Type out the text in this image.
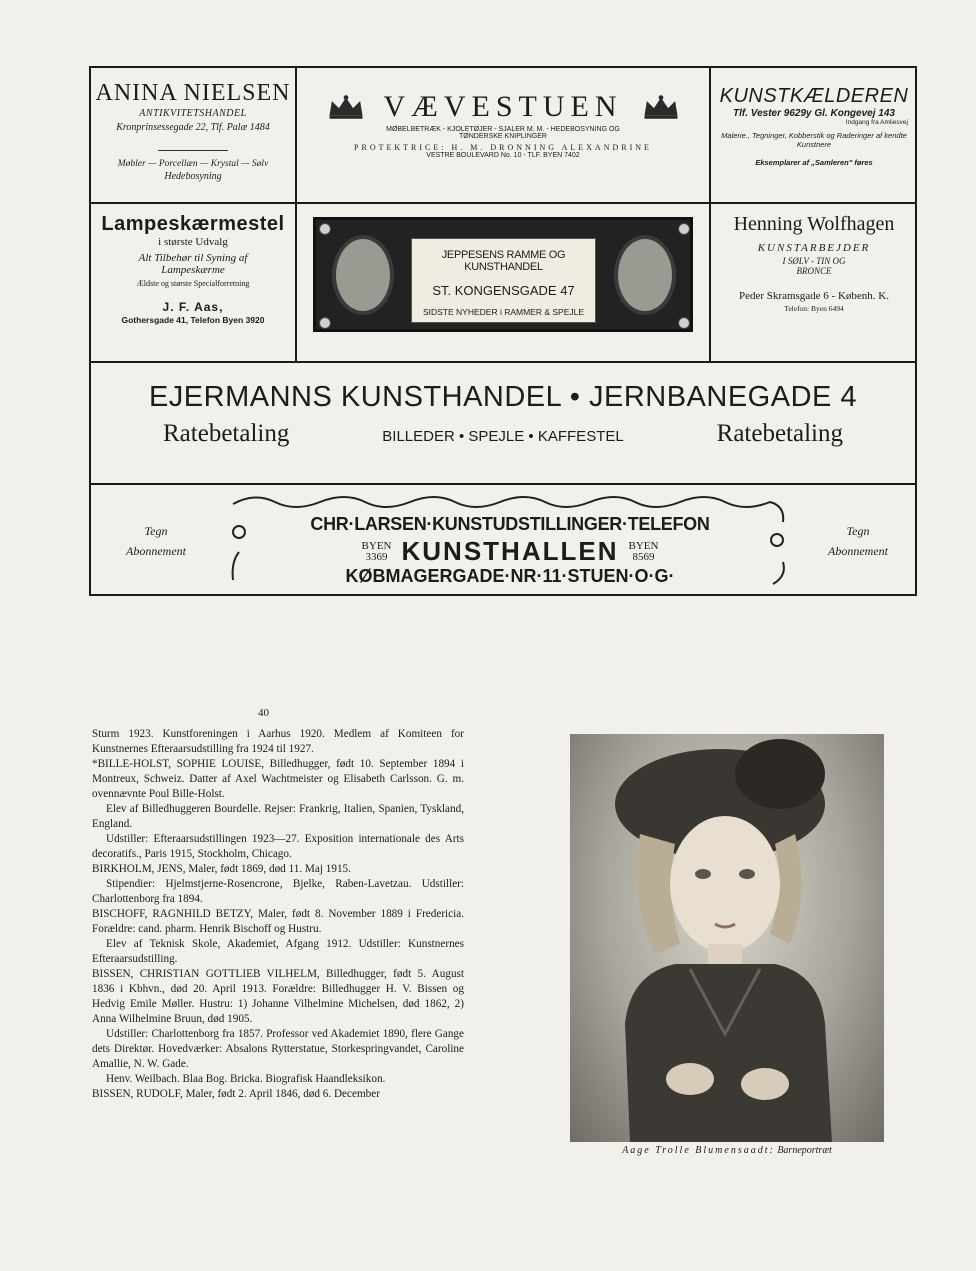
ANINA NIELSEN
ANTIKVITETSHANDEL
Kronprinsessegade 22, Tlf. Palæ 1484
Møbler — Porcellæn — Krystal — Sølv
Hedebosyning
VÆVESTUEN
MØBELBETRÆK - KJOLETØJER - SJALER M. M. - HEDEBOSYNING OG
TØNDERSKE KNIPLINGER
PROTEKTRICE: H. M. DRONNING ALEXANDRINE
VESTRE BOULEVARD No. 10 - TLF. BYEN 7402
KUNSTKÆLDEREN
Tlf. Vester 9629y Gl. Kongevej 143
Indgang fra Amliesvej
Malerie., Tegninger, Kobberstik og Raderinger af kendte Kunstnere
Eksemplarer af „Samleren" føres
Lampeskærmestel
i største Udvalg
Alt Tilbehør til Syning af
Lampeskærme
Ældste og største Specialforretning
J. F. Aas,
Gothersgade 41, Telefon Byen 3920
JEPPESENS RAMME OG KUNSTHANDEL
ST. KONGENSGADE 47
SIDSTE NYHEDER i RAMMER & SPEJLE
Henning Wolfhagen
KUNSTARBEJDER
I SØLV - TIN OG
BRONCE
Peder Skramsgade 6 - Københ. K.
Telefon: Byen 6494
EJERMANNS KUNSTHANDEL • JERNBANEGADE 4
Ratebetaling	BILLEDER • SPEJLE • KAFFESTEL	Ratebetaling
Tegn
Abonnement
Tegn
Abonnement
CHR·LARSEN·KUNSTUDSTILLINGER·TELEFON
BYEN
3369 KUNSTHALLEN BYEN
8569
KØBMAGERGADE·NR·11·STUEN·O·G·
40

Sturm 1923. Kunstforeningen i Aarhus 1920. Medlem af Komiteen for Kunstnernes Efteraarsudstilling fra 1924 til 1927.

*BILLE-HOLST, SOPHIE LOUISE, Billedhugger, født 10. September 1894 i Montreux, Schweiz. Datter af Axel Wachtmeister og Elisabeth Carlsson. G. m. ovennævnte Poul Bille-Holst.

Elev af Billedhuggeren Bourdelle. Rejser: Frankrig, Italien, Spanien, Tyskland, England.

Udstiller: Efteraarsudstillingen 1923—27. Exposition internationale des Arts decoratifs., Paris 1915, Stockholm, Chicago.

BIRKHOLM, JENS, Maler, født 1869, død 11. Maj 1915.

Stipendier: Hjelmstjerne-Rosencrone, Bjelke, Raben-Lavetzau. Udstiller: Charlottenborg fra 1894.

BISCHOFF, RAGNHILD BETZY, Maler, født 8. November 1889 i Fredericia. Forældre: cand. pharm. Henrik Bischoff og Hustru.

Elev af Teknisk Skole, Akademiet, Afgang 1912. Udstiller: Kunstnernes Efteraarsudstilling.

BISSEN, CHRISTIAN GOTTLIEB VILHELM, Billedhugger, født 5. August 1836 i Kbhvn., død 20. April 1913. Forældre: Billedhugger H. V. Bissen og Hedvig Emile Møller. Hustru: 1) Johanne Vilhelmine Michelsen, død 1862, 2) Anna Wilhelmine Bruun, død 1905.

Udstiller: Charlottenborg fra 1857. Professor ved Akademiet 1890, flere Gange dets Direktør. Hovedværker: Absalons Rytterstatue, Storkespringvandet, Caroline Amallie, N. W. Gade.

Henv. Weilbach. Blaa Bog. Bricka. Biografisk Haandleksikon.

BISSEN, RUDOLF, Maler, født 2. April 1846, død 6. December

Aage Trolle Blumensaadt: Barneportræt
